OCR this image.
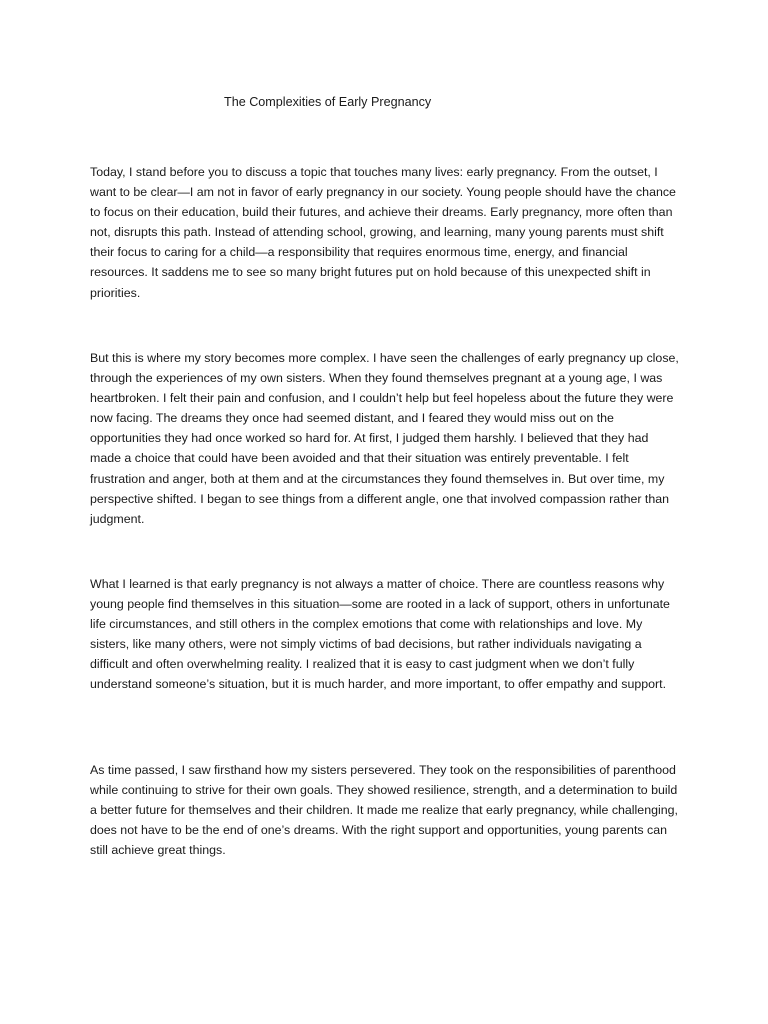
The Complexities of Early Pregnancy

Today, I stand before you to discuss a topic that touches many lives: early pregnancy. From the outset, I want to be clear—I am not in favor of early pregnancy in our society. Young people should have the chance to focus on their education, build their futures, and achieve their dreams. Early pregnancy, more often than not, disrupts this path. Instead of attending school, growing, and learning, many young parents must shift their focus to caring for a child—a responsibility that requires enormous time, energy, and financial resources. It saddens me to see so many bright futures put on hold because of this unexpected shift in priorities.

But this is where my story becomes more complex. I have seen the challenges of early pregnancy up close, through the experiences of my own sisters. When they found themselves pregnant at a young age, I was heartbroken. I felt their pain and confusion, and I couldn’t help but feel hopeless about the future they were now facing. The dreams they once had seemed distant, and I feared they would miss out on the opportunities they had once worked so hard for. At first, I judged them harshly. I believed that they had made a choice that could have been avoided and that their situation was entirely preventable. I felt frustration and anger, both at them and at the circumstances they found themselves in. But over time, my perspective shifted. I began to see things from a different angle, one that involved compassion rather than judgment.

What I learned is that early pregnancy is not always a matter of choice. There are countless reasons why young people find themselves in this situation—some are rooted in a lack of support, others in unfortunate life circumstances, and still others in the complex emotions that come with relationships and love. My sisters, like many others, were not simply victims of bad decisions, but rather individuals navigating a difficult and often overwhelming reality. I realized that it is easy to cast judgment when we don’t fully understand someone’s situation, but it is much harder, and more important, to offer empathy and support.

As time passed, I saw firsthand how my sisters persevered. They took on the responsibilities of parenthood while continuing to strive for their own goals. They showed resilience, strength, and a determination to build a better future for themselves and their children. It made me realize that early pregnancy, while challenging, does not have to be the end of one’s dreams. With the right support and opportunities, young parents can still achieve great things.
